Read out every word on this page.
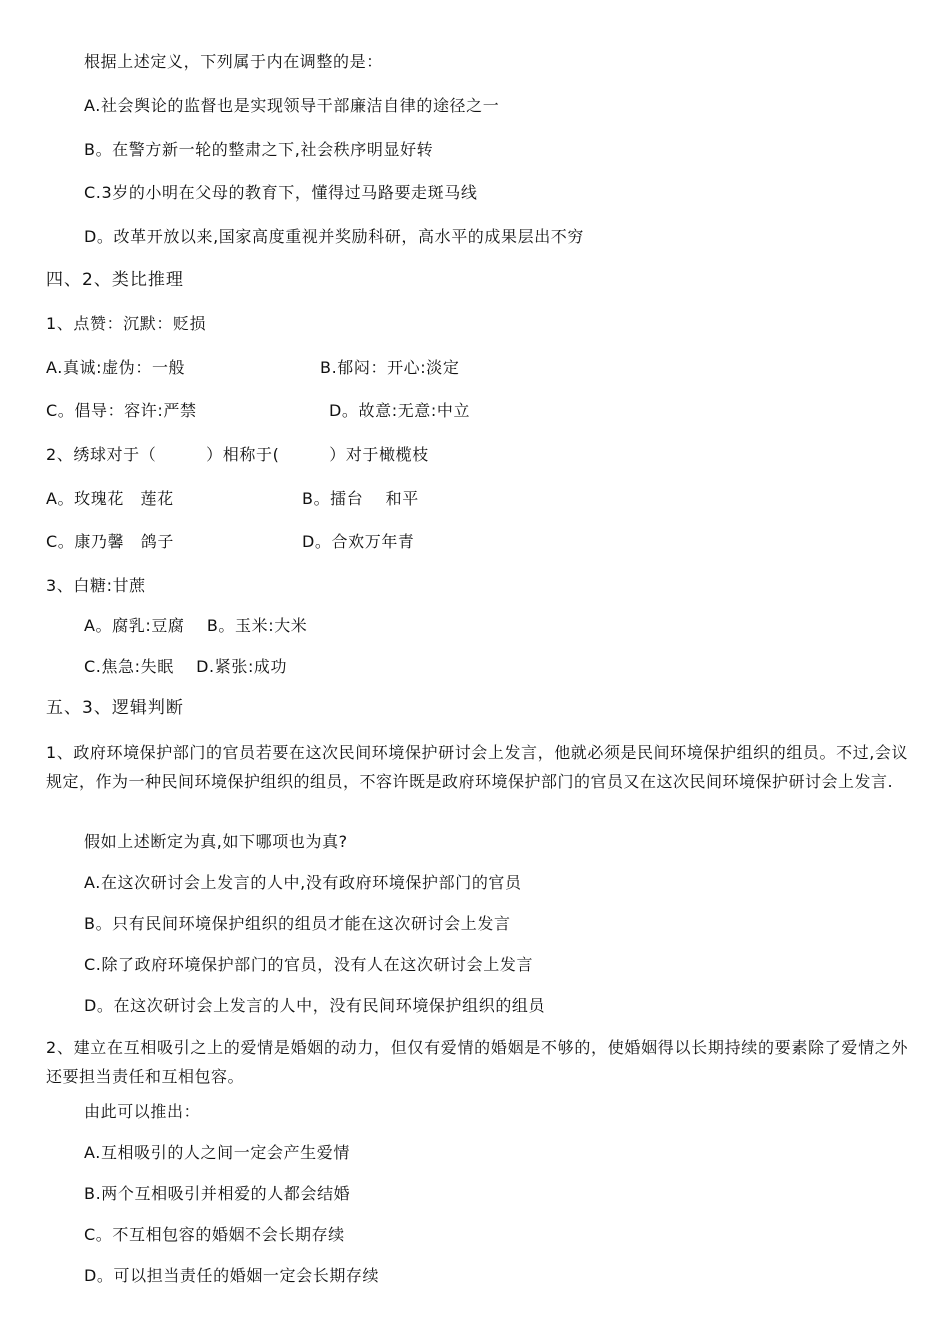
根据上述定义，下列属于内在调整的是：
A.社会舆论的监督也是实现领导干部廉洁自律的途径之一
B。在警方新一轮的整肃之下,社会秩序明显好转
C.3岁的小明在父母的教育下，懂得过马路要走斑马线
D。改革开放以来,国家高度重视并奖励科研，高水平的成果层出不穷
四、2、类比推理
1、点赞：沉默：贬损
A.真诚:虚伪：一般	B.郁闷：开心:淡定
C。倡导：容许:严禁	D。故意:无意:中立
2、绣球对于（　　　）相称于(　　　）对于橄榄枝
A。玫瑰花　莲花	B。擂台　 和平
C。康乃馨　鸽子	D。合欢万年青
3、白糖:甘蔗
A。腐乳:豆腐　 B。玉米:大米
C.焦急:失眠　 D.紧张:成功
五、3、逻辑判断
1、政府环境保护部门的官员若要在这次民间环境保护研讨会上发言，他就必须是民间环境保护组织的组员。不过,会议规定，作为一种民间环境保护组织的组员，不容许既是政府环境保护部门的官员又在这次民间环境保护研讨会上发言.
假如上述断定为真,如下哪项也为真?
A.在这次研讨会上发言的人中,没有政府环境保护部门的官员
B。只有民间环境保护组织的组员才能在这次研讨会上发言
C.除了政府环境保护部门的官员，没有人在这次研讨会上发言
D。在这次研讨会上发言的人中，没有民间环境保护组织的组员
2、建立在互相吸引之上的爱情是婚姻的动力，但仅有爱情的婚姻是不够的，使婚姻得以长期持续的要素除了爱情之外还要担当责任和互相包容。
由此可以推出：
A.互相吸引的人之间一定会产生爱情
B.两个互相吸引并相爱的人都会结婚
C。不互相包容的婚姻不会长期存续
D。可以担当责任的婚姻一定会长期存续
